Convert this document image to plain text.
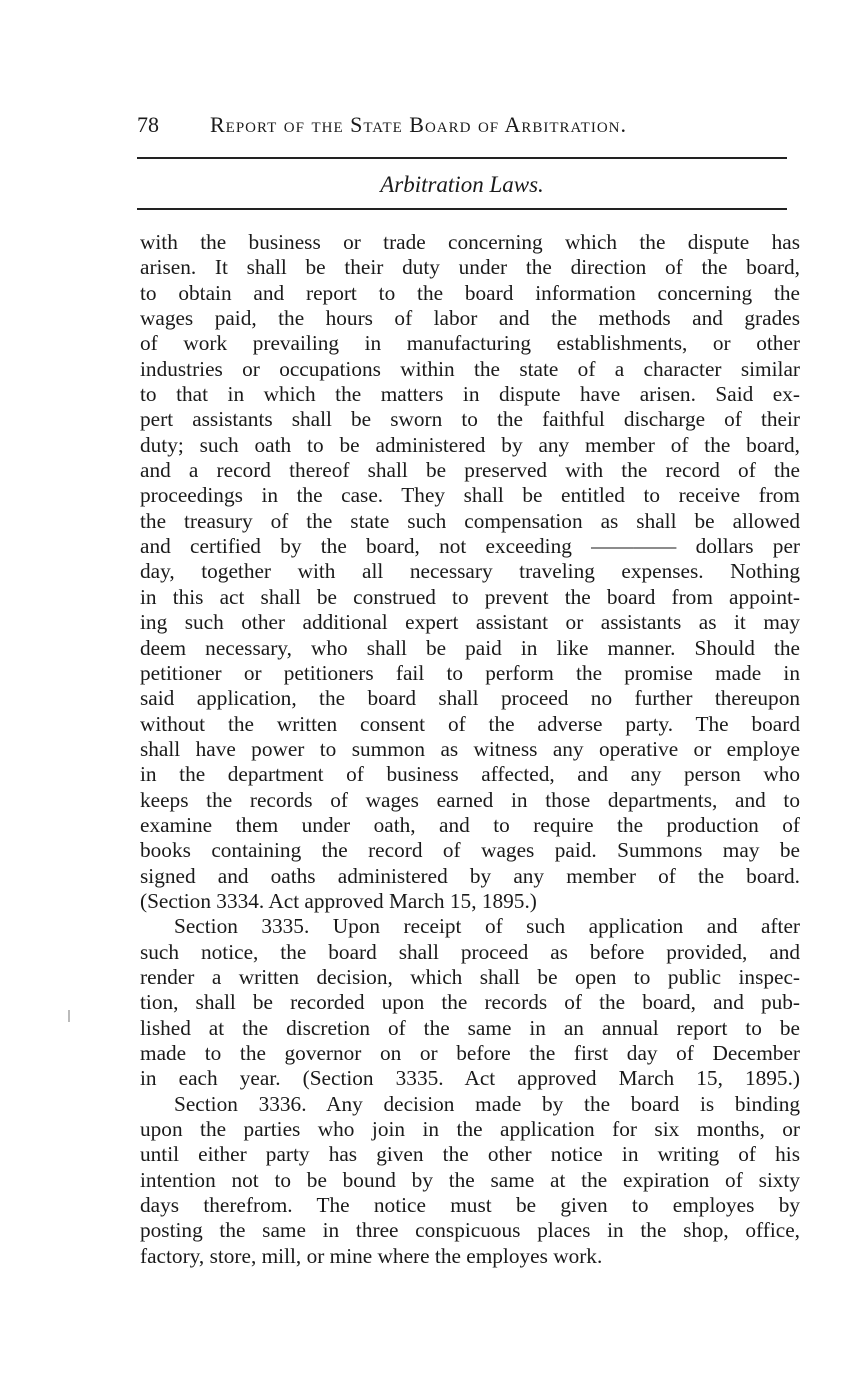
78 Report of the State Board of Arbitration.
Arbitration Laws.
with the business or trade concerning which the dispute has
arisen. It shall be their duty under the direction of the board,
to obtain and report to the board information concerning the
wages paid, the hours of labor and the methods and grades
of work prevailing in manufacturing establishments, or other
industries or occupations within the state of a character similar
to that in which the matters in dispute have arisen. Said ex-
pert assistants shall be sworn to the faithful discharge of their
duty; such oath to be administered by any member of the board,
and a record thereof shall be preserved with the record of the
proceedings in the case. They shall be entitled to receive from
the treasury of the state such compensation as shall be allowed
and certified by the board, not exceeding ———— dollars per
day, together with all necessary traveling expenses. Nothing
in this act shall be construed to prevent the board from appoint-
ing such other additional expert assistant or assistants as it may
deem necessary, who shall be paid in like manner. Should the
petitioner or petitioners fail to perform the promise made in
said application, the board shall proceed no further thereupon
without the written consent of the adverse party. The board
shall have power to summon as witness any operative or employe
in the department of business affected, and any person who
keeps the records of wages earned in those departments, and to
examine them under oath, and to require the production of
books containing the record of wages paid. Summons may be
signed and oaths administered by any member of the board.
(Section 3334. Act approved March 15, 1895.)
Section 3335. Upon receipt of such application and after
such notice, the board shall proceed as before provided, and
render a written decision, which shall be open to public inspec-
tion, shall be recorded upon the records of the board, and pub-
lished at the discretion of the same in an annual report to be
made to the governor on or before the first day of December
in each year. (Section 3335. Act approved March 15, 1895.)
Section 3336. Any decision made by the board is binding
upon the parties who join in the application for six months, or
until either party has given the other notice in writing of his
intention not to be bound by the same at the expiration of sixty
days therefrom. The notice must be given to employes by
posting the same in three conspicuous places in the shop, office,
factory, store, mill, or mine where the employes work.
